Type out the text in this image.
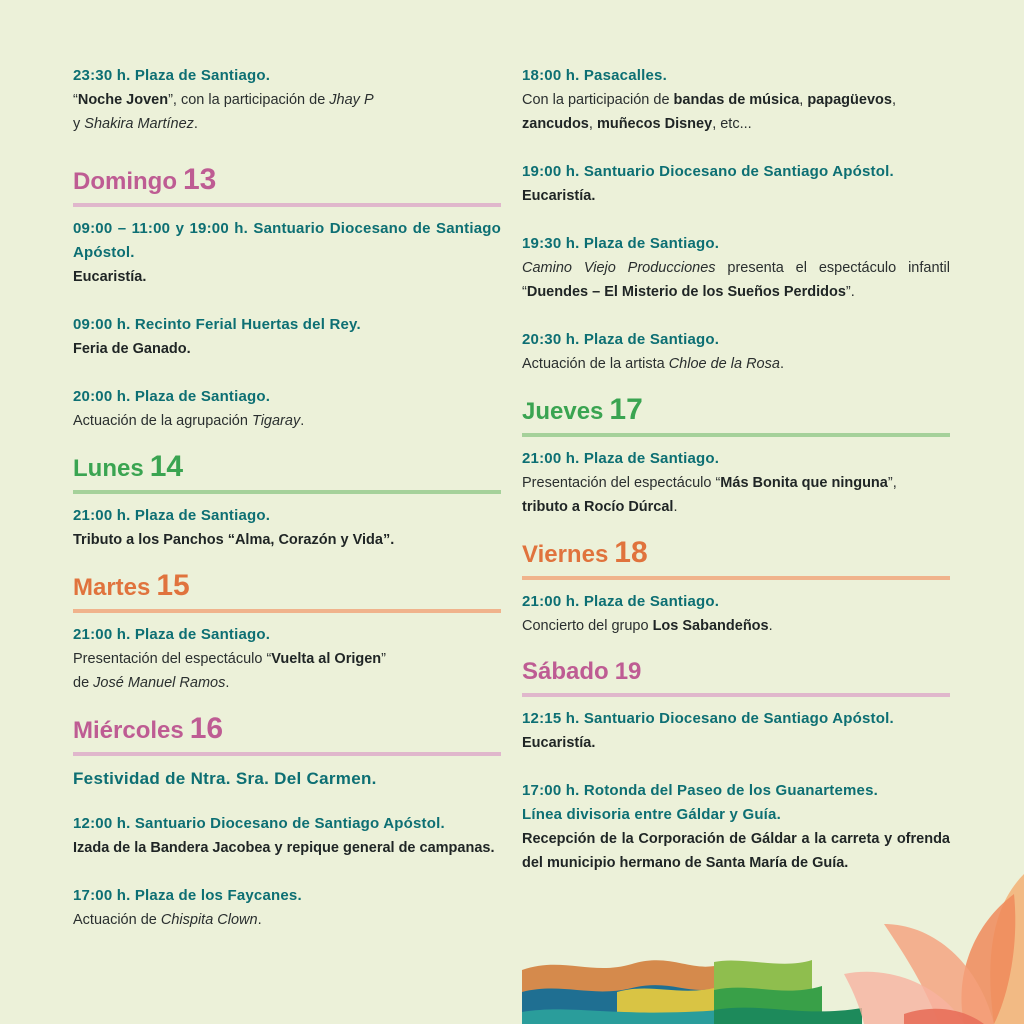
23:30 h. Plaza de Santiago.
“Noche Joven”, con la participación de Jhay P
y Shakira Martínez.
Domingo 13
09:00 – 11:00 y 19:00 h. Santuario Diocesano de Santiago Apóstol.
Eucaristía.
09:00 h. Recinto Ferial Huertas del Rey.
Feria de Ganado.
20:00 h. Plaza de Santiago.
Actuación de la agrupación Tigaray.
Lunes 14
21:00 h. Plaza de Santiago.
Tributo a los Panchos “Alma, Corazón y Vida”.
Martes 15
21:00 h. Plaza de Santiago.
Presentación del espectáculo “Vuelta al Origen”
de José Manuel Ramos.
Miércoles 16
Festividad de Ntra. Sra. Del Carmen.
12:00 h. Santuario Diocesano de Santiago Apóstol.
Izada de la Bandera Jacobea y repique general de campanas.
17:00 h. Plaza de los Faycanes.
Actuación de Chispita Clown.
18:00 h. Pasacalles.
Con la participación de bandas de música, papagüevos,
zancudos, muñecos Disney, etc...
19:00 h. Santuario Diocesano de Santiago Apóstol.
Eucaristía.
19:30 h. Plaza de Santiago.
Camino Viejo Producciones presenta el espectáculo infantil “Duendes – El Misterio de los Sueños Perdidos”.
20:30 h. Plaza de Santiago.
Actuación de la artista Chloe de la Rosa.
Jueves 17
21:00 h. Plaza de Santiago.
Presentación del espectáculo “Más Bonita que ninguna”,
tributo a Rocío Dúrcal.
Viernes 18
21:00 h. Plaza de Santiago.
Concierto del grupo Los Sabandeños.
Sábado 19
12:15 h. Santuario Diocesano de Santiago Apóstol.
Eucaristía.
17:00 h. Rotonda del Paseo de los Guanartemes.
Línea divisoria entre Gáldar y Guía.
Recepción de la Corporación de Gáldar a la carreta y ofrenda del municipio hermano de Santa María de Guía.
